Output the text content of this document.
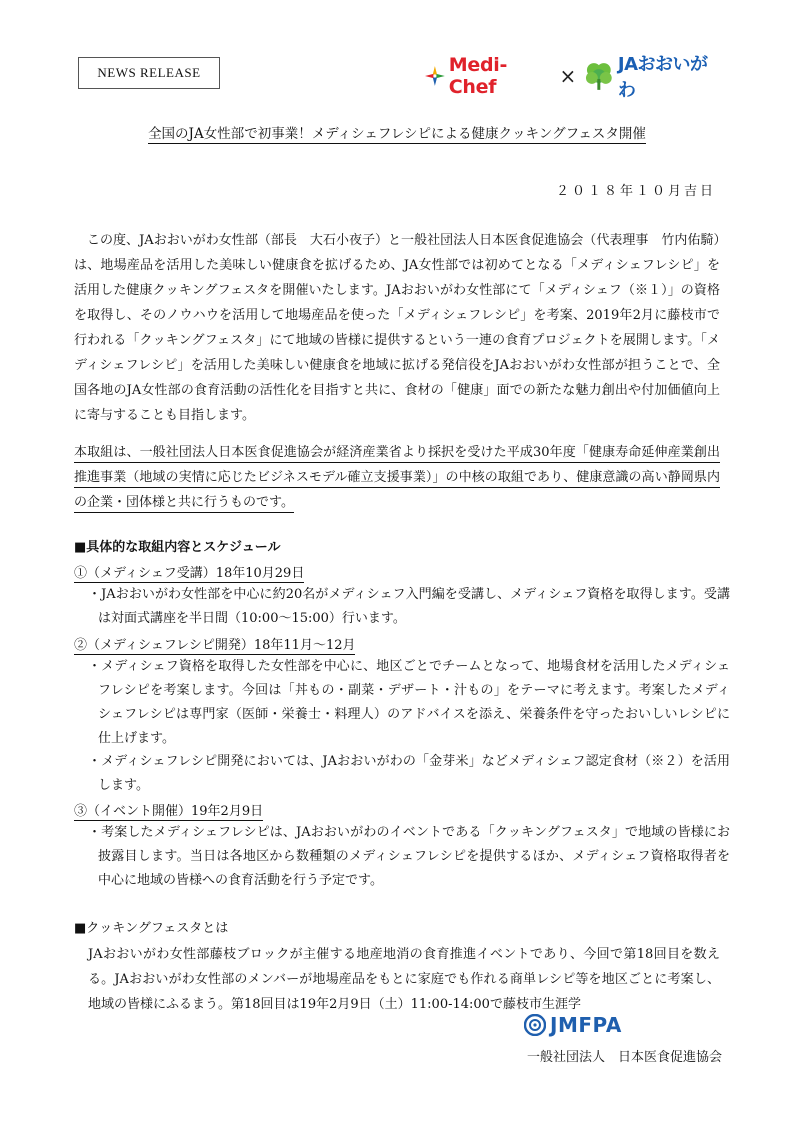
NEWS RELEASE	Medi-Chef	× JAおおいがわ
全国のJA女性部で初事業！メディシェフレシピによる健康クッキングフェスタ開催
２０１８年１０月吉日
この度、JAおおいがわ女性部（部長　大石小夜子）と一般社団法人日本医食促進協会（代表理事　竹内佑騎）は、地場産品を活用した美味しい健康食を拡げるため、JA女性部では初めてとなる「メディシェフレシピ」を活用した健康クッキングフェスタを開催いたします。JAおおいがわ女性部にて「メディシェフ（※１）」の資格を取得し、そのノウハウを活用して地場産品を使った「メディシェフレシピ」を考案、2019年2月に藤枝市で行われる「クッキングフェスタ」にて地域の皆様に提供するという一連の食育プロジェクトを展開します。「メディシェフレシピ」を活用した美味しい健康食を地域に拡げる発信役をJAおおいがわ女性部が担うことで、全国各地のJA女性部の食育活動の活性化を目指すと共に、食材の「健康」面での新たな魅力創出や付加価値向上に寄与することも目指します。
本取組は、一般社団法人日本医食促進協会が経済産業省より採択を受けた平成30年度「健康寿命延伸産業創出推進事業（地域の実情に応じたビジネスモデル確立支援事業）」の中核の取組であり、健康意識の高い静岡県内の企業・団体様と共に行うものです。
■具体的な取組内容とスケジュール
①（メディシェフ受講）18年10月29日
・JAおおいがわ女性部を中心に約20名がメディシェフ入門編を受講し、メディシェフ資格を取得します。受講は対面式講座を半日間（10:00～15:00）行います。
②（メディシェフレシピ開発）18年11月～12月
・メディシェフ資格を取得した女性部を中心に、地区ごとでチームとなって、地場食材を活用したメディシェフレシピを考案します。今回は「丼もの・副菜・デザート・汁もの」をテーマに考えます。考案したメディシェフレシピは専門家（医師・栄養士・料理人）のアドバイスを添え、栄養条件を守ったおいしいレシピに仕上げます。
・メディシェフレシピ開発においては、JAおおいがわの「金芽米」などメディシェフ認定食材（※２）を活用します。
③（イベント開催）19年2月9日
・考案したメディシェフレシピは、JAおおいがわのイベントである「クッキングフェスタ」で地域の皆様にお披露目します。当日は各地区から数種類のメディシェフレシピを提供するほか、メディシェフ資格取得者を中心に地域の皆様への食育活動を行う予定です。
■クッキングフェスタとは
JAおおいがわ女性部藤枝ブロックが主催する地産地消の食育推進イベントであり、今回で第18回目を数える。JAおおいがわ女性部のメンバーが地場産品をもとに家庭でも作れる商単レシピ等を地区ごとに考案し、地域の皆様にふるまう。第18回目は19年2月9日（土）11:00-14:00で藤枝市生涯学
JMFPA
一般社団法人　日本医食促進協会
